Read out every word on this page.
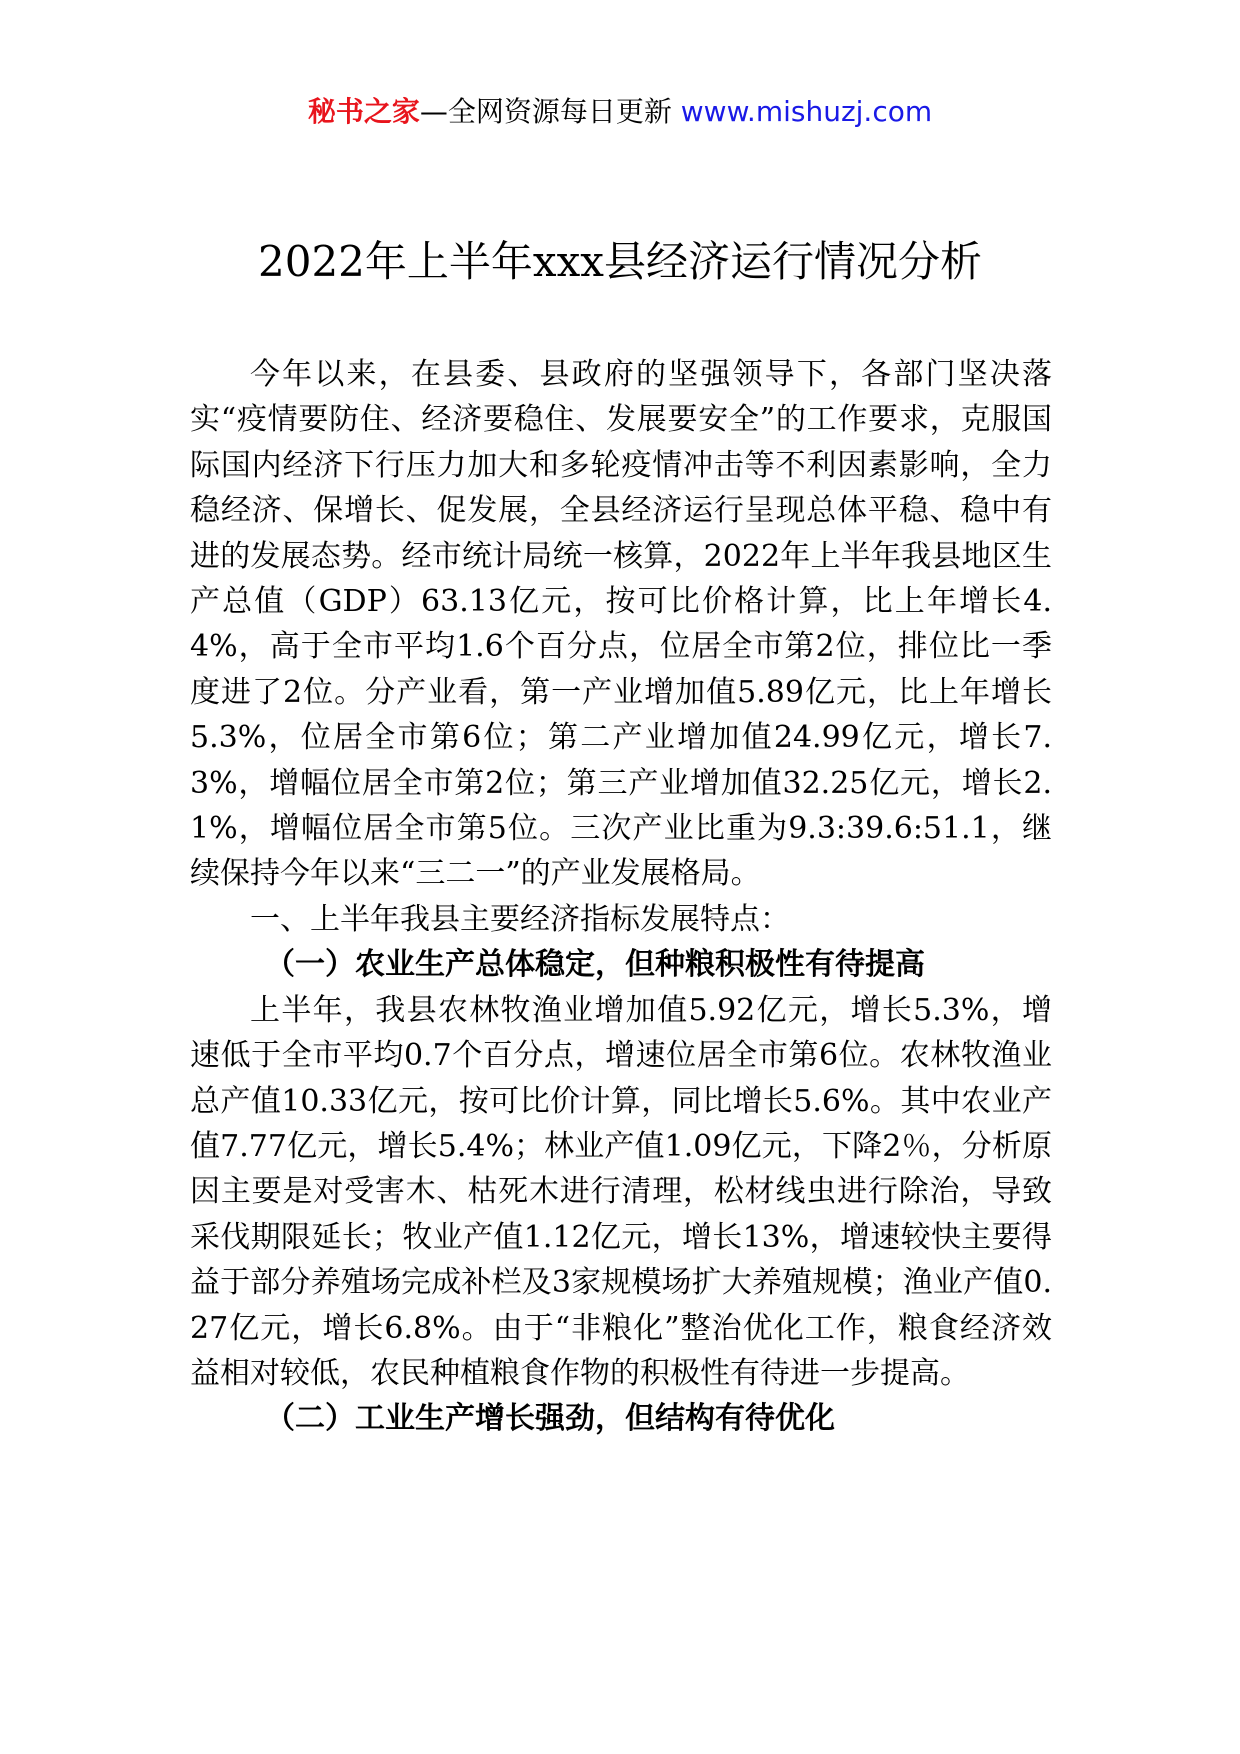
秘书之家—全网资源每日更新 www.mishuzj.com
2022年上半年xxx县经济运行情况分析

今年以来，在县委、县政府的坚强领导下，各部门坚决落实“疫情要防住、经济要稳住、发展要安全”的工作要求，克服国际国内经济下行压力加大和多轮疫情冲击等不利因素影响，全力稳经济、保增长、促发展，全县经济运行呈现总体平稳、稳中有进的发展态势。经市统计局统一核算，2022年上半年我县地区生产总值（GDP）63.13亿元，按可比价格计算，比上年增长4.4%，高于全市平均1.6个百分点，位居全市第2位，排位比一季度进了2位。分产业看，第一产业增加值5.89亿元，比上年增长5.3%，位居全市第6位；第二产业增加值24.99亿元，增长7.3%，增幅位居全市第2位；第三产业增加值32.25亿元，增长2.1%，增幅位居全市第5位。三次产业比重为9.3:39.6:51.1，继续保持今年以来“三二一”的产业发展格局。

一、上半年我县主要经济指标发展特点：

（一）农业生产总体稳定，但种粮积极性有待提高

上半年，我县农林牧渔业增加值5.92亿元，增长5.3%，增速低于全市平均0.7个百分点，增速位居全市第6位。农林牧渔业总产值10.33亿元，按可比价计算，同比增长5.6%。其中农业产值7.77亿元，增长5.4%；林业产值1.09亿元，下降2％，分析原因主要是对受害木、枯死木进行清理，松材线虫进行除治，导致采伐期限延长；牧业产值1.12亿元，增长13%，增速较快主要得益于部分养殖场完成补栏及3家规模场扩大养殖规模；渔业产值0.27亿元，增长6.8%。由于“非粮化”整治优化工作，粮食经济效益相对较低，农民种植粮食作物的积极性有待进一步提高。

（二）工业生产增长强劲，但结构有待优化
